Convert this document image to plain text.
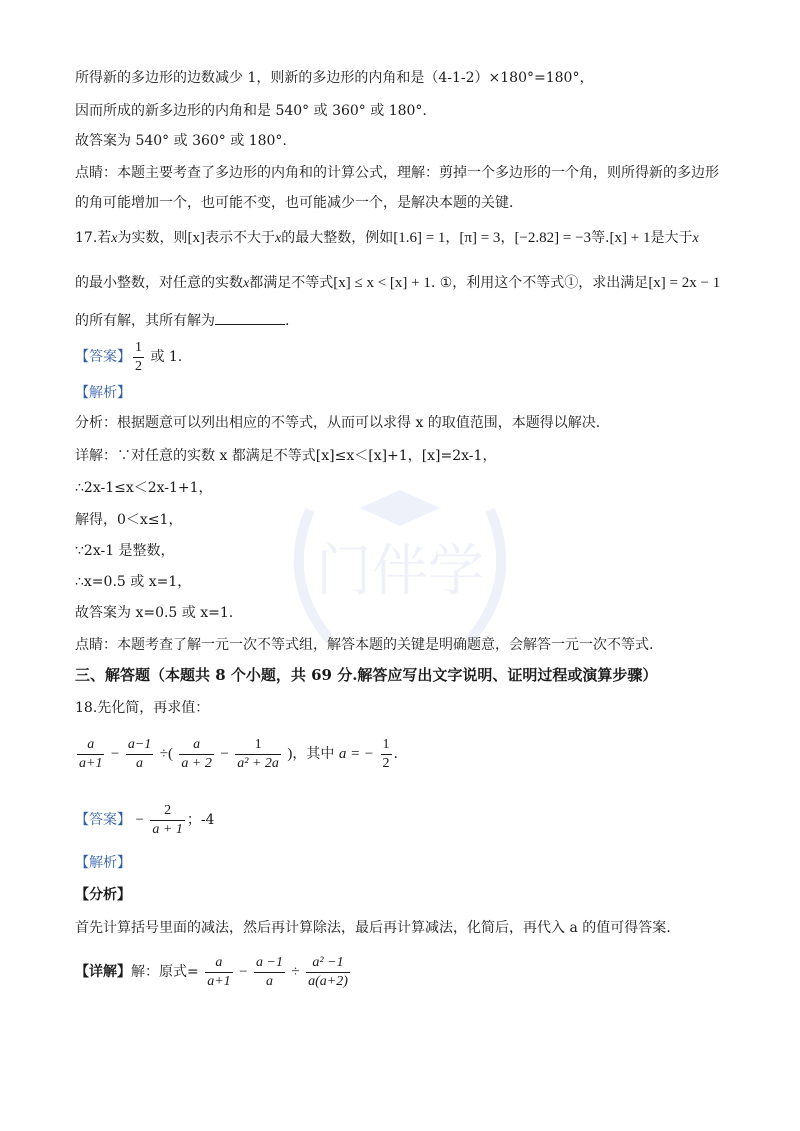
门伴学
所得新的多边形的边数减少 1，则新的多边形的内角和是（4-1-2）×180°=180°，
因而所成的新多边形的内角和是 540° 或 360° 或 180°.
故答案为 540° 或 360° 或 180°.
点睛：本题主要考查了多边形的内角和的计算公式，理解：剪掉一个多边形的一个角，则所得新的多边形
的角可能增加一个，也可能不变，也可能减少一个，是解决本题的关键.
17.若x为实数，则[x]表示不大于x的最大整数，例如[1.6] = 1，[π] = 3，[−2.82] = −3等.[x] + 1是大于x
的最小整数，对任意的实数x都满足不等式[x] ≤ x < [x] + 1. ①，利用这个不等式①，求出满足[x] = 2x − 1
的所有解，其所有解为	.
【答案】 $\frac{1}{2}$ 或 1.
【解析】
分析：根据题意可以列出相应的不等式，从而可以求得 x 的取值范围，本题得以解决.
详解：∵对任意的实数 x 都满足不等式[x]≤x＜[x]+1，[x]=2x-1，
∴2x-1≤x＜2x-1+1，
解得，0＜x≤1，
∵2x-1 是整数，
∴x=0.5 或 x=1，
故答案为 x=0.5 或 x=1.
点睛：本题考查了解一元一次不等式组，解答本题的关键是明确题意，会解答一元一次不等式.
三、解答题（本题共 8 个小题，共 69 分.解答应写出文字说明、证明过程或演算步骤）
18.先化简，再求值：
$\frac{a}{a+1} - \frac{a-1}{a}$ ÷( $\frac{a}{a + 2} - \frac{1}{\text{a² + 2a}}$ )，其中 a = − $\frac{1}{2}$ .
【答案】 − $\frac{2}{a + 1}$ ；-4
【解析】
【分析】
首先计算括号里面的减法，然后再计算除法，最后再计算减法，化简后，再代入 a 的值可得答案.
【详解】解：原式= $\frac{a}{a+1} - \frac{a -1}{a} \div \frac{\text{a² −1}}{a(a+2)}$
